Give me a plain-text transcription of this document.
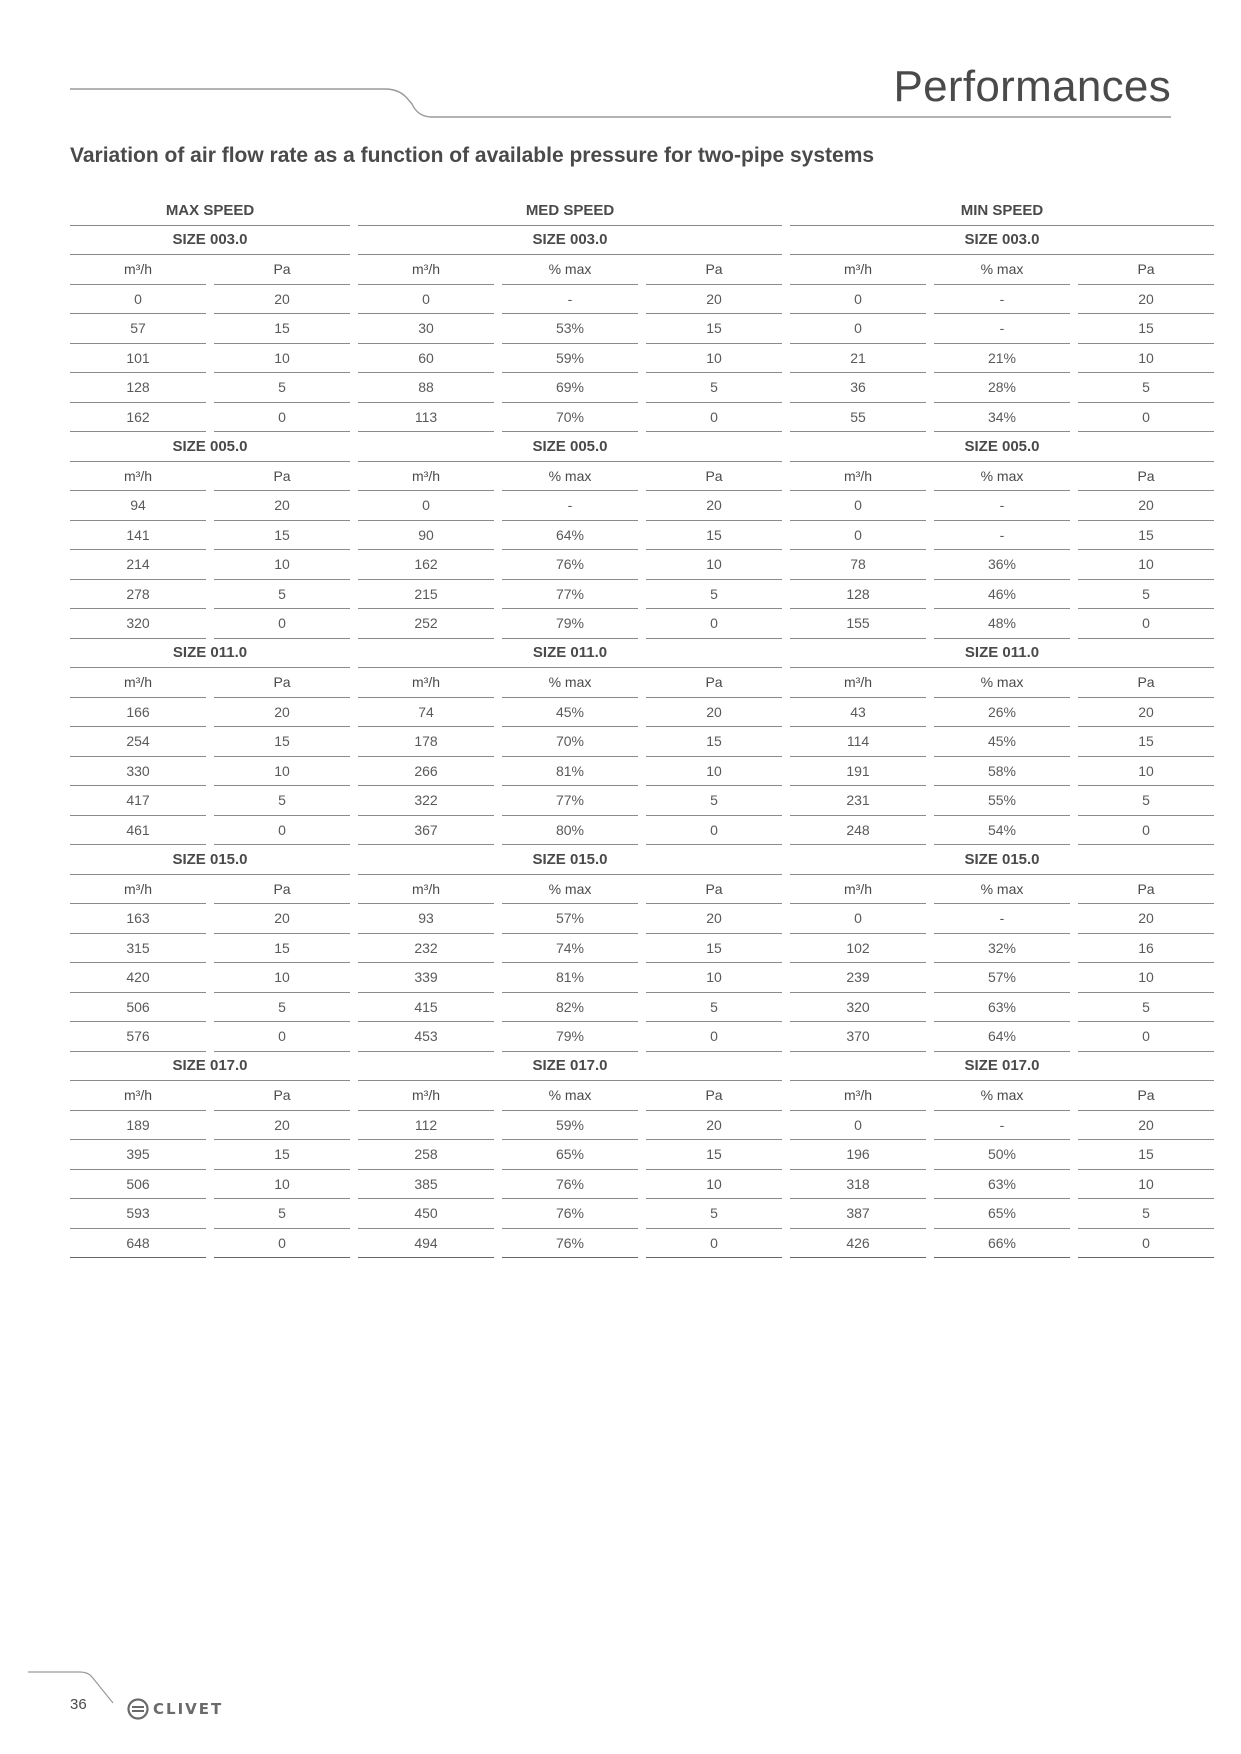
Performances
Variation of air flow rate as a function of available pressure for two-pipe systems
MAX SPEED				MED SPEED						MIN SPEED				
SIZE 003.0				SIZE 003.0						SIZE 003.0				
m³/h		Pa		m³/h		% max		Pa		m³/h		% max		Pa
0		20		0		-		20		0		-		20
57		15		30		53%		15		0		-		15
101		10		60		59%		10		21		21%		10
128		5		88		69%		5		36		28%		5
162		0		113		70%		0		55		34%		0
SIZE 005.0				SIZE 005.0						SIZE 005.0				
m³/h		Pa		m³/h		% max		Pa		m³/h		% max		Pa
94		20		0		-		20		0		-		20
141		15		90		64%		15		0		-		15
214		10		162		76%		10		78		36%		10
278		5		215		77%		5		128		46%		5
320		0		252		79%		0		155		48%		0
SIZE 011.0				SIZE 011.0						SIZE 011.0				
m³/h		Pa		m³/h		% max		Pa		m³/h		% max		Pa
166		20		74		45%		20		43		26%		20
254		15		178		70%		15		114		45%		15
330		10		266		81%		10		191		58%		10
417		5		322		77%		5		231		55%		5
461		0		367		80%		0		248		54%		0
SIZE 015.0				SIZE 015.0						SIZE 015.0				
m³/h		Pa		m³/h		% max		Pa		m³/h		% max		Pa
163		20		93		57%		20		0		-		20
315		15		232		74%		15		102		32%		16
420		10		339		81%		10		239		57%		10
506		5		415		82%		5		320		63%		5
576		0		453		79%		0		370		64%		0
SIZE 017.0				SIZE 017.0						SIZE 017.0				
m³/h		Pa		m³/h		% max		Pa		m³/h		% max		Pa
189		20		112		59%		20		0		-		20
395		15		258		65%		15		196		50%		15
506		10		385		76%		10		318		63%		10
593		5		450		76%		5		387		65%		5
648		0		494		76%		0		426		66%		0
36	CLIVET
